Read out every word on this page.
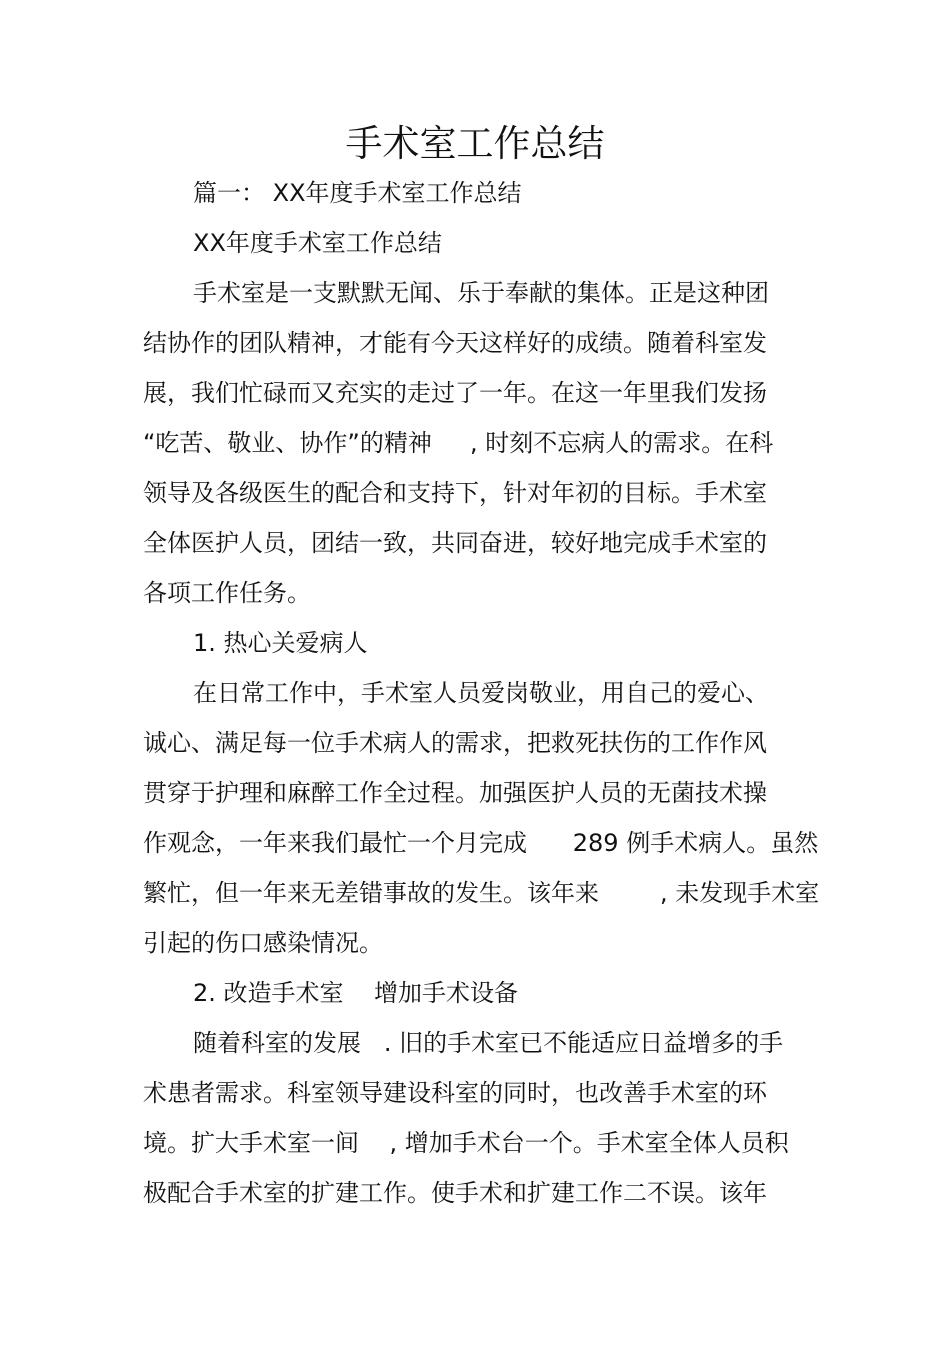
手术室工作总结
篇一： XX年度手术室工作总结
XX年度手术室工作总结
手术室是一支默默无闻、乐于奉献的集体。正是这种团
结协作的团队精神，才能有今天这样好的成绩。随着科室发
展，我们忙碌而又充实的走过了一年。在这一年里我们发扬
“吃苦、敬业、协作”的精神     , 时刻不忘病人的需求。在科
领导及各级医生的配合和支持下，针对年初的目标。手术室
全体医护人员，团结一致，共同奋进，较好地完成手术室的
各项工作任务。
1. 热心关爱病人
在日常工作中，手术室人员爱岗敬业，用自己的爱心、
诚心、满足每一位手术病人的需求，把救死扶伤的工作作风
贯穿于护理和麻醉工作全过程。加强医护人员的无菌技术操
作观念，一年来我们最忙一个月完成      289 例手术病人。虽然
繁忙，但一年来无差错事故的发生。该年来        , 未发现手术室
引起的伤口感染情况。
2. 改造手术室    增加手术设备
随着科室的发展   . 旧的手术室已不能适应日益增多的手
术患者需求。科室领导建设科室的同时，也改善手术室的环
境。扩大手术室一间    , 增加手术台一个。手术室全体人员积
极配合手术室的扩建工作。使手术和扩建工作二不误。该年
